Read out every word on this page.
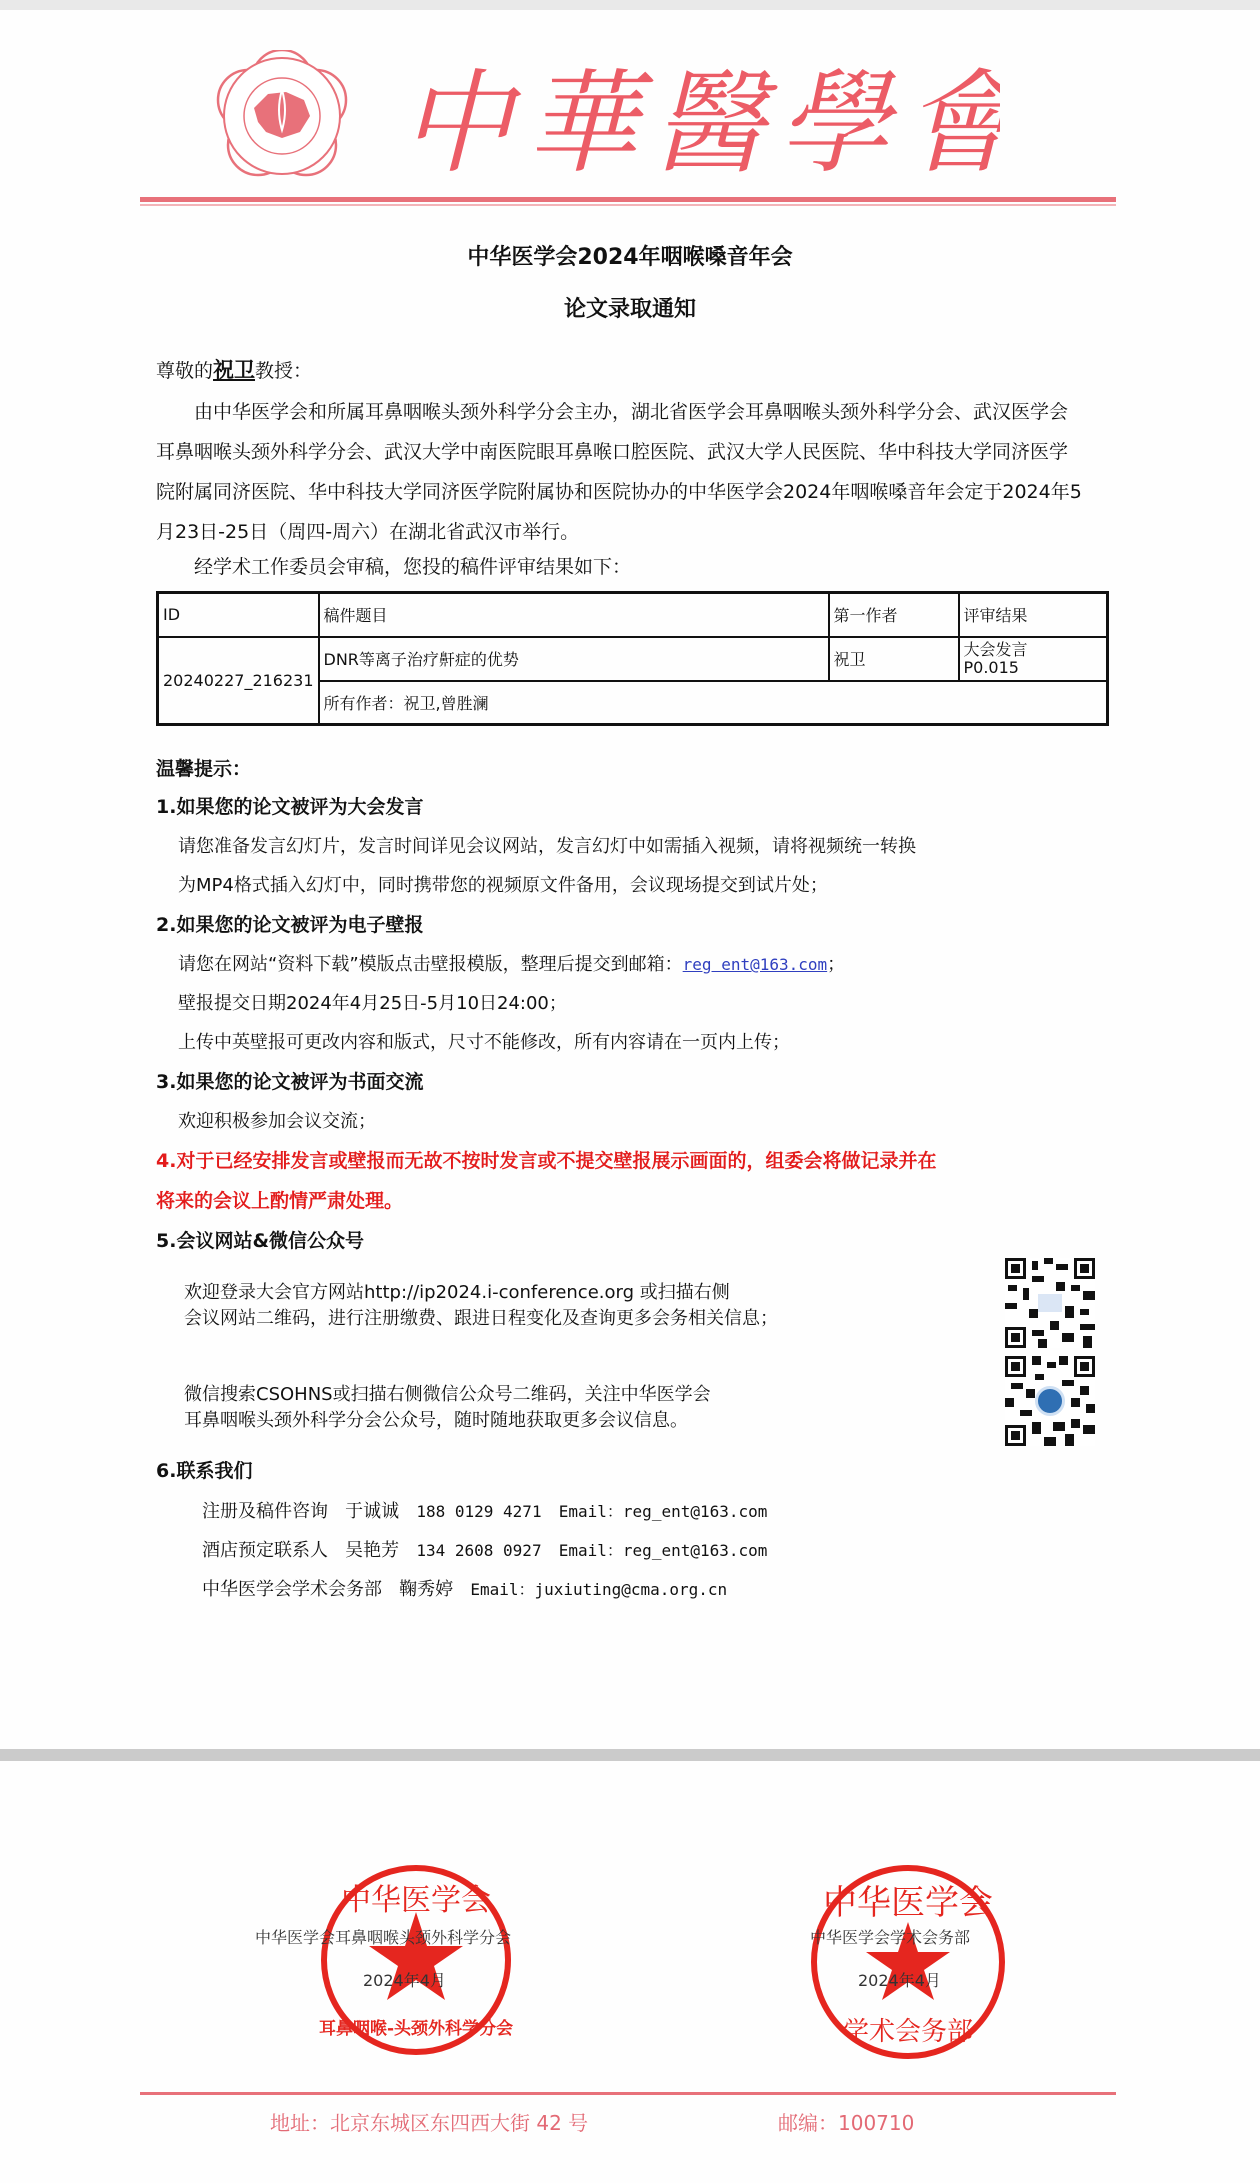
中華醫學會
中华医学会2024年咽喉嗓音年会
论文录取通知
尊敬的祝卫教授：
由中华医学会和所属耳鼻咽喉头颈外科学分会主办，湖北省医学会耳鼻咽喉头颈外科学分会、武汉医学会耳鼻咽喉头颈外科学分会、武汉大学中南医院眼耳鼻喉口腔医院、武汉大学人民医院、华中科技大学同济医学院附属同济医院、华中科技大学同济医学院附属协和医院协办的中华医学会2024年咽喉嗓音年会定于2024年5月23日-25日（周四-周六）在湖北省武汉市举行。
经学术工作委员会审稿，您投的稿件评审结果如下：
ID	稿件题目	第一作者	评审结果
20240227_216231	DNR等离子治疗鼾症的优势	祝卫	大会发言
P0.015

	所有作者：祝卫,曾胜澜		
温馨提示：
1.如果您的论文被评为大会发言
请您准备发言幻灯片，发言时间详见会议网站，发言幻灯中如需插入视频，请将视频统一转换
为MP4格式插入幻灯中，同时携带您的视频原文件备用，会议现场提交到试片处；
2.如果您的论文被评为电子壁报
请您在网站“资料下载”模版点击壁报模版，整理后提交到邮箱：reg ent@163.com；
壁报提交日期2024年4月25日-5月10日24:00；
上传中英壁报可更改内容和版式，尺寸不能修改，所有内容请在一页内上传；
3.如果您的论文被评为书面交流
欢迎积极参加会议交流；
4.对于已经安排发言或壁报而无故不按时发言或不提交壁报展示画面的，组委会将做记录并在
将来的会议上酌情严肃处理。
5.会议网站&微信公众号
欢迎登录大会官方网站http://ip2024.i-conference.org 或扫描右侧
会议网站二维码，进行注册缴费、跟进日程变化及查询更多会务相关信息；
微信搜索CSOHNS或扫描右侧微信公众号二维码，关注中华医学会
耳鼻咽喉头颈外科学分会公众号，随时随地获取更多会议信息。
6.联系我们
注册及稿件咨询 于诚诚 188 0129 4271 Email：reg_ent@163.com
酒店预定联系人 吴艳芳 134 2608 0927 Email：reg_ent@163.com
中华医学会学术会务部 鞠秀婷 Email：juxiuting@cma.org.cn
中华医学会
耳鼻咽喉-头颈外科学分会
中华医学会耳鼻咽喉头颈外科学分会
2024年4月
中华医学会
学术会务部
中华医学会学术会务部
2024年4月
地址：北京东城区东四西大街 42 号	邮编：100710
